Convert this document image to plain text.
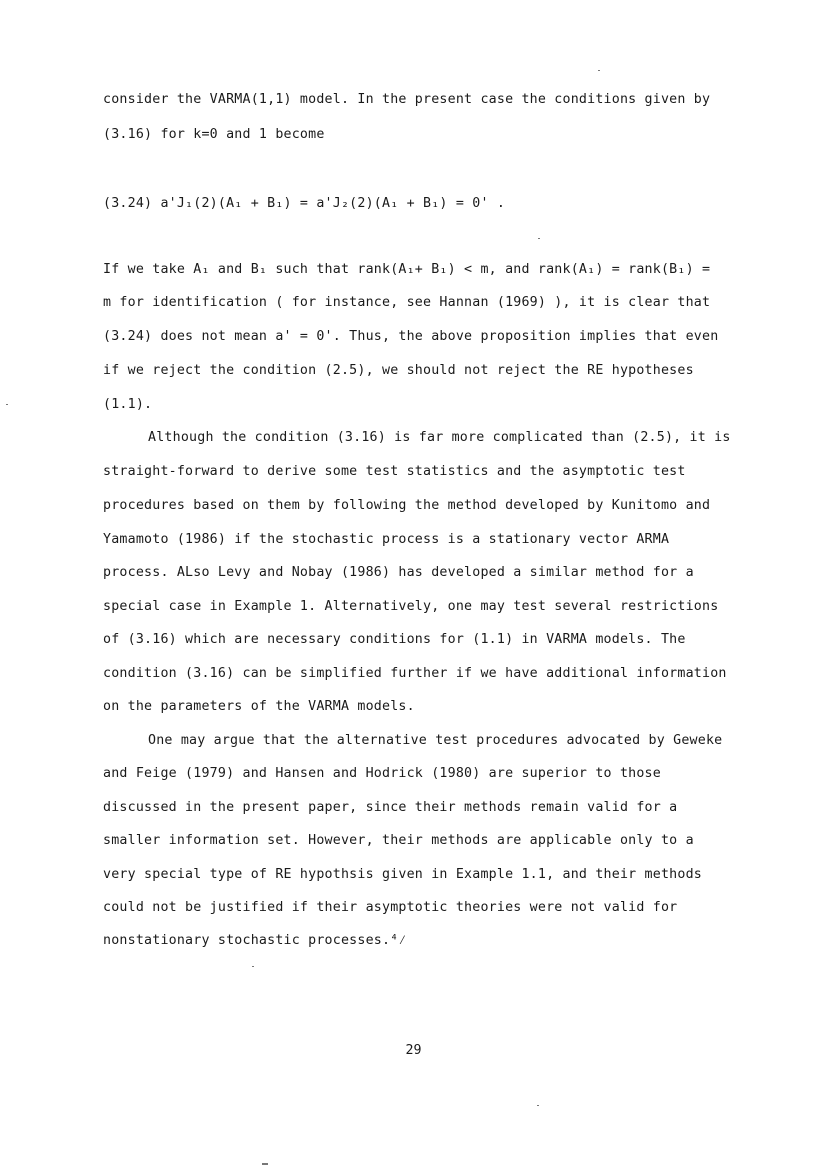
consider the VARMA(1,1) model. In the present case the conditions given by
(3.16) for k=0 and 1 become
(3.24) a'J₁(2)(A₁ + B₁) = a'J₂(2)(A₁ + B₁) = 0' .
If we take A₁ and B₁ such that rank(A₁+ B₁) < m, and rank(A₁) = rank(B₁) =
m for identification ( for instance, see Hannan (1969) ), it is clear that
(3.24) does not mean a' = 0'. Thus, the above proposition implies that even
if we reject the condition (2.5), we should not reject the RE hypotheses
(1.1).
Although the condition (3.16) is far more complicated than (2.5), it is
straight-forward to derive some test statistics and the asymptotic test
procedures based on them by following the method developed by Kunitomo and
Yamamoto (1986) if the stochastic process is a stationary vector ARMA
process. ALso Levy and Nobay (1986) has developed a similar method for a
special case in Example 1. Alternatively, one may test several restrictions
of (3.16) which are necessary conditions for (1.1) in VARMA models. The
condition (3.16) can be simplified further if we have additional information
on the parameters of the VARMA models.
One may argue that the alternative test procedures advocated by Geweke
and Feige (1979) and Hansen and Hodrick (1980) are superior to those
discussed in the present paper, since their methods remain valid for a
smaller information set. However, their methods are applicable only to a
very special type of RE hypothsis given in Example 1.1, and their methods
could not be justified if their asymptotic theories were not valid for
nonstationary stochastic processes.⁴⁄
29
